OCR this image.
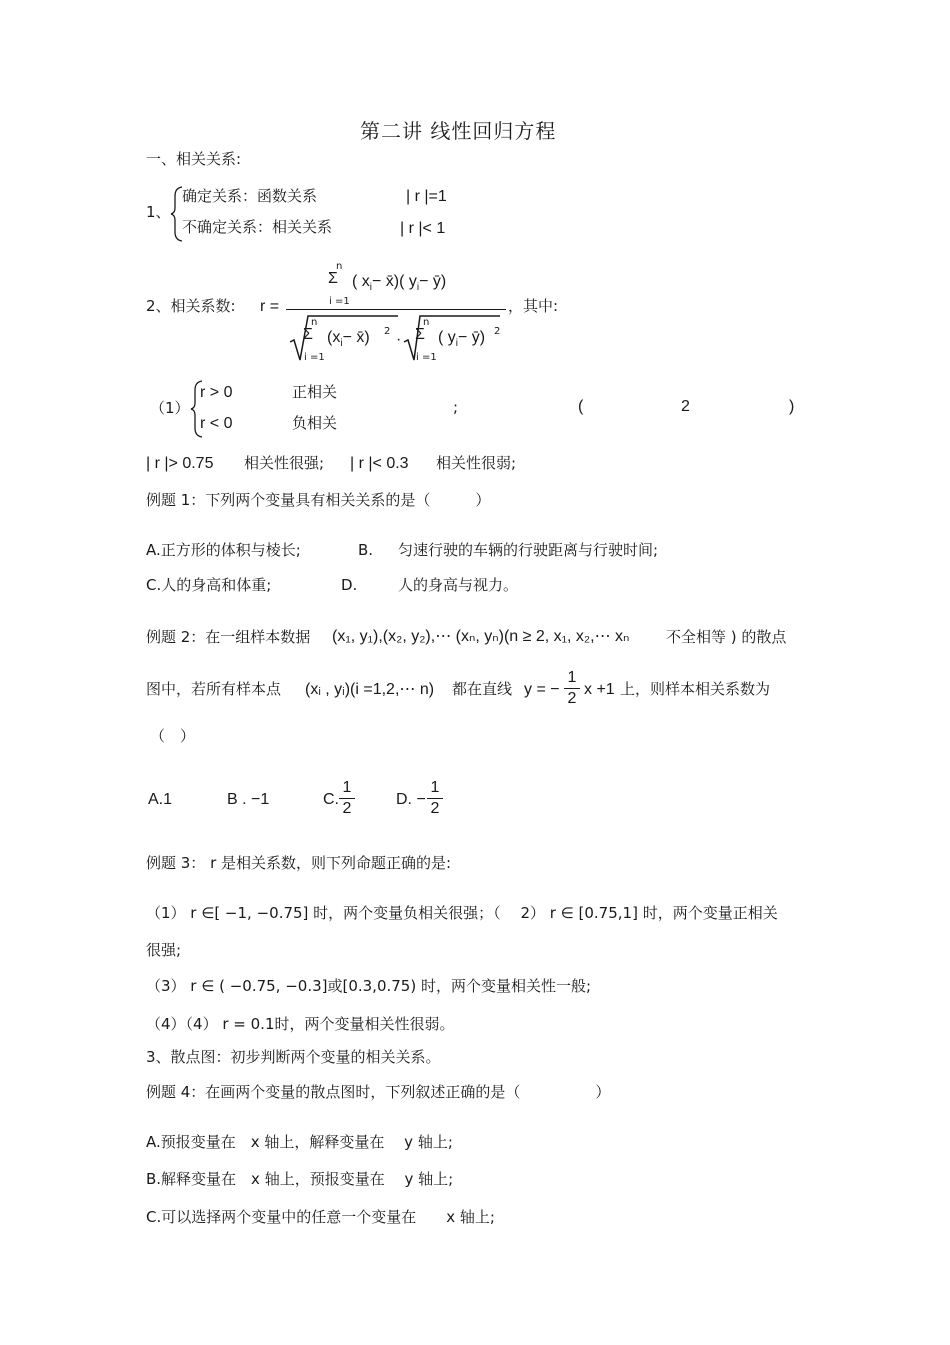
第二讲 线性回归方程
一、相关关系:
1、
确定关系：函数关系	| r |=1
不确定关系：相关关系	| r |< 1
2、相关系数: r =
n
Σ
i =1
( $x_i-$ x̄)( $y_i-$ ȳ)
n
Σ
i =1
($x_i-$ x̄) 2 ·
n
Σ
i =1
( $y_i-$ ȳ) 2
，其中:
（1）
r > 0	正相关
r < 0	负相关
;	(	2	)
| r |> 0.75 相关性很强; | r |< 0.3 相关性很弱;
例题 1：下列两个变量具有相关关系的是（　　　）
A.正方形的体积与棱长;	B. 匀速行驶的车辆的行驶距离与行驶时间;
C.人的身高和体重;	D.	人的身高与视力。
例题 2：在一组样本数据 (x₁, y₁),(x₂, y₂),⋯ (xₙ, yₙ)(n ≥ 2, x₁, x₂,⋯ xₙ 不全相等 ) 的散点
图中，若所有样本点 (xᵢ , yᵢ)(i =1,2,⋯ n) 都在直线 y = − $\frac{1}{2}$ x +1 上，则样本相关系数为
（　）
A.1	B . −1	C. $\frac{1}{2}$	D. − $\frac{1}{2}$
例题 3： r 是相关系数，则下列命题正确的是:
（1） r ∈[ −1, −0.75] 时，两个变量负相关很强；（　 2） r ∈ [0.75,1] 时，两个变量正相关
很强;
（3） r ∈ ( −0.75, −0.3]或[0.3,0.75) 时，两个变量相关性一般;
（4）（4） r = 0.1时，两个变量相关性很弱。
3、散点图：初步判断两个变量的相关关系。
例题 4：在画两个变量的散点图时，下列叙述正确的是（　　　　　）
A.预报变量在　x 轴上，解释变量在　 y 轴上;
B.解释变量在　x 轴上，预报变量在　 y 轴上;
C.可以选择两个变量中的任意一个变量在　　x 轴上;
